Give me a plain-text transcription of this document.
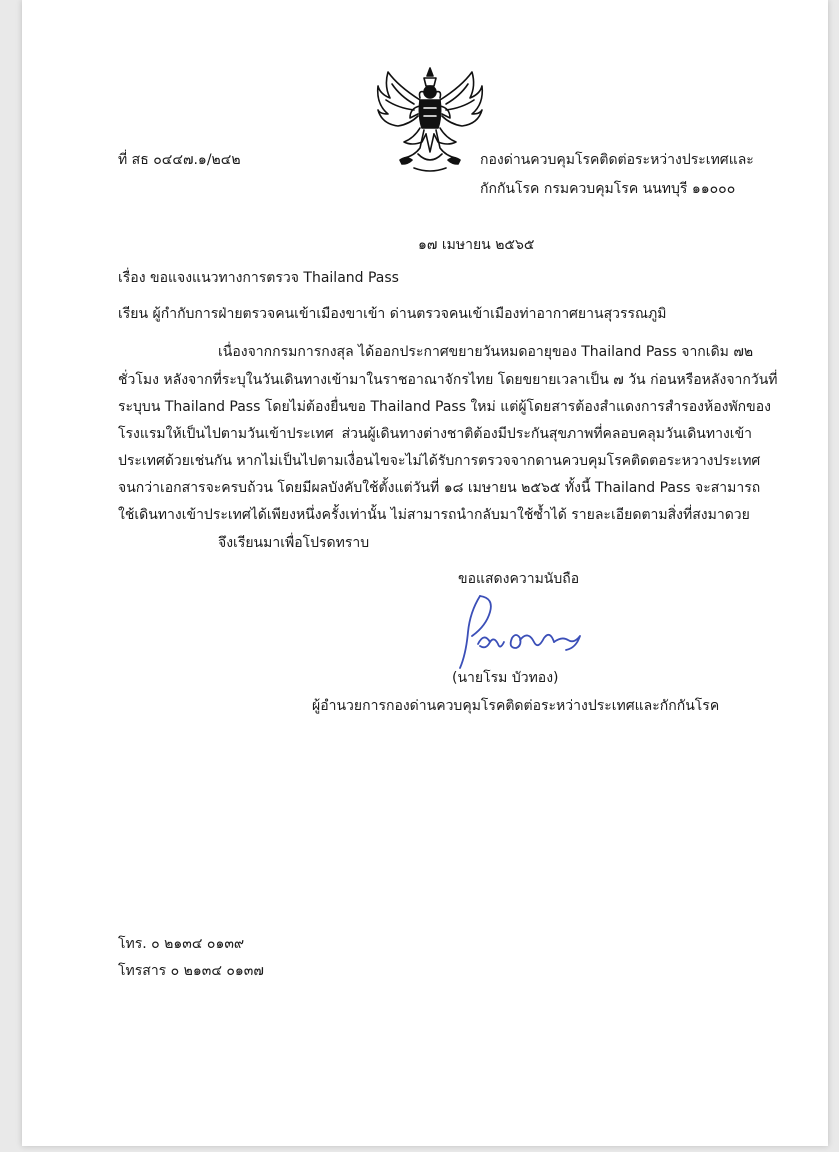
ที่ สธ ๐๔๔๗.๑/๒๔๒	กองด่านควบคุมโรคติดต่อระหว่างประเทศและ
กักกันโรค กรมควบคุมโรค นนทบุรี ๑๑๐๐๐
๑๗ เมษายน ๒๕๖๕
เรื่อง ขอแจงแนวทางการตรวจ Thailand Pass
เรียน ผู้กำกับการฝ่ายตรวจคนเข้าเมืองขาเข้า ด่านตรวจคนเข้าเมืองท่าอากาศยานสุวรรณภูมิ
เนื่องจากกรมการกงสุล ได้ออกประกาศขยายวันหมดอายุของ Thailand Pass จากเดิม ๗๒
ชั่วโมง หลังจากที่ระบุในวันเดินทางเข้ามาในราชอาณาจักรไทย โดยขยายเวลาเป็น ๗ วัน ก่อนหรือหลังจากวันที่
ระบุบน Thailand Pass โดยไม่ต้องยื่นขอ Thailand Pass ใหม่ แต่ผู้โดยสารต้องสำแดงการสำรองห้องพักของ
โรงแรมให้เป็นไปตามวันเข้าประเทศ ส่วนผู้เดินทางต่างชาติต้องมีประกันสุขภาพที่คลอบคลุมวันเดินทางเข้า
ประเทศด้วยเช่นกัน หากไม่เป็นไปตามเงื่อนไขจะไม่ได้รับการตรวจจากดานควบคุมโรคติดตอระหวางประเทศ
จนกว่าเอกสารจะครบถ้วน โดยมีผลบังคับใช้ตั้งแต่วันที่ ๑๘ เมษายน ๒๕๖๕ ทั้งนี้ Thailand Pass จะสามารถ
ใช้เดินทางเข้าประเทศได้เพียงหนึ่งครั้งเท่านั้น ไม่สามารถนำกลับมาใช้ซ้ำได้ รายละเอียดตามสิ่งที่สงมาดวย
จึงเรียนมาเพื่อโปรดทราบ
ขอแสดงความนับถือ
(นายโรม บัวทอง)
ผู้อำนวยการกองด่านควบคุมโรคติดต่อระหว่างประเทศและกักกันโรค
โทร. ๐ ๒๑๓๔ ๐๑๓๙
โทรสาร ๐ ๒๑๓๔ ๐๑๓๗
